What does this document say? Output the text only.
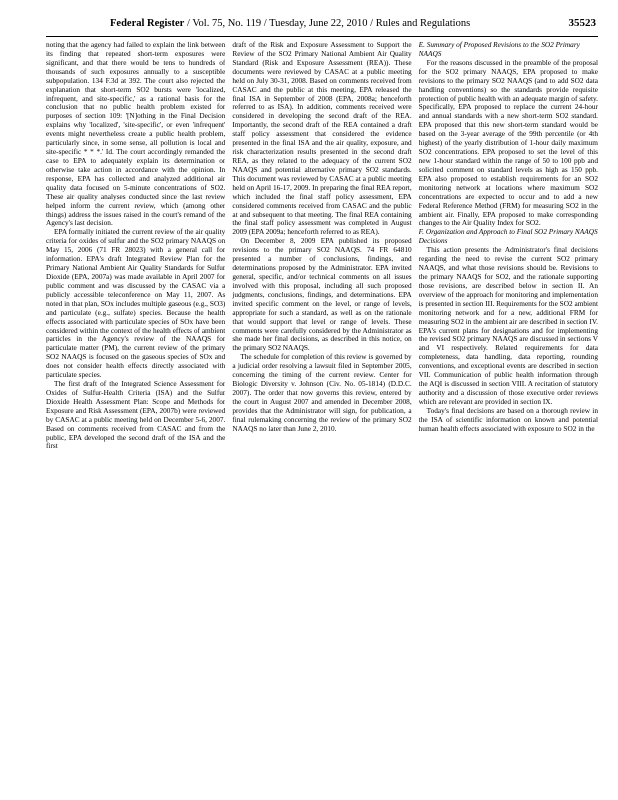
Federal Register / Vol. 75, No. 119 / Tuesday, June 22, 2010 / Rules and Regulations	35523

noting that the agency had failed to explain the link between its finding that repeated short-term exposures were significant, and that there would be tens to hundreds of thousands of such exposures annually to a susceptible subpopulation. 134 F.3d at 392. The court also rejected the explanation that short-term SO2 bursts were 'localized, infrequent, and site-specific,' as a rational basis for the conclusion that no public health problem existed for purposes of section 109: '[N]othing in the Final Decision explains why 'localized', 'site-specific', or even 'infrequent' events might nevertheless create a public health problem, particularly since, in some sense, all pollution is local and site-specific * * *.' Id. The court accordingly remanded the case to EPA to adequately explain its determination or otherwise take action in accordance with the opinion. In response, EPA has collected and analyzed additional air quality data focused on 5-minute concentrations of SO2. These air quality analyses conducted since the last review helped inform the current review, which (among other things) address the issues raised in the court's remand of the Agency's last decision.

EPA formally initiated the current review of the air quality criteria for oxides of sulfur and the SO2 primary NAAQS on May 15, 2006 (71 FR 28023) with a general call for information. EPA's draft Integrated Review Plan for the Primary National Ambient Air Quality Standards for Sulfur Dioxide (EPA, 2007a) was made available in April 2007 for public comment and was discussed by the CASAC via a publicly accessible teleconference on May 11, 2007. As noted in that plan, SOx includes multiple gaseous (e.g., SO3) and particulate (e.g., sulfate) species. Because the health effects associated with particulate species of SOx have been considered within the context of the health effects of ambient particles in the Agency's review of the NAAQS for particulate matter (PM), the current review of the primary SO2 NAAQS is focused on the gaseous species of SOx and does not consider health effects directly associated with particulate species.

The first draft of the Integrated Science Assessment for Oxides of Sulfur-Health Criteria (ISA) and the Sulfur Dioxide Health Assessment Plan: Scope and Methods for Exposure and Risk Assessment (EPA, 2007b) were reviewed by CASAC at a public meeting held on December 5-6, 2007. Based on comments received from CASAC and from the public, EPA developed the second draft of the ISA and the first

draft of the Risk and Exposure Assessment to Support the Review of the SO2 Primary National Ambient Air Quality Standard (Risk and Exposure Assessment (REA)). These documents were reviewed by CASAC at a public meeting held on July 30-31, 2008. Based on comments received from CASAC and the public at this meeting, EPA released the final ISA in September of 2008 (EPA, 2008a; henceforth referred to as ISA). In addition, comments received were considered in developing the second draft of the REA. Importantly, the second draft of the REA contained a draft staff policy assessment that considered the evidence presented in the final ISA and the air quality, exposure, and risk characterization results presented in the second draft REA, as they related to the adequacy of the current SO2 NAAQS and potential alternative primary SO2 standards. This document was reviewed by CASAC at a public meeting held on April 16-17, 2009. In preparing the final REA report, which included the final staff policy assessment, EPA considered comments received from CASAC and the public at and subsequent to that meeting. The final REA containing the final staff policy assessment was completed in August 2009 (EPA 2009a; henceforth referred to as REA).

On December 8, 2009 EPA published its proposed revisions to the primary SO2 NAAQS. 74 FR 64810 presented a number of conclusions, findings, and determinations proposed by the Administrator. EPA invited general, specific, and/or technical comments on all issues involved with this proposal, including all such proposed judgments, conclusions, findings, and determinations. EPA invited specific comment on the level, or range of levels, appropriate for such a standard, as well as on the rationale that would support that level or range of levels. These comments were carefully considered by the Administrator as she made her final decisions, as described in this notice, on the primary SO2 NAAQS.

The schedule for completion of this review is governed by a judicial order resolving a lawsuit filed in September 2005, concerning the timing of the current review. Center for Biologic Diversity v. Johnson (Civ. No. 05-1814) (D.D.C. 2007). The order that now governs this review, entered by the court in August 2007 and amended in December 2008, provides that the Administrator will sign, for publication, a final rulemaking concerning the review of the primary SO2 NAAQS no later than June 2, 2010.

E. Summary of Proposed Revisions to the SO2 Primary NAAQS

For the reasons discussed in the preamble of the proposal for the SO2 primary NAAQS, EPA proposed to make revisions to the primary SO2 NAAQS (and to add SO2 data handling conventions) so the standards provide requisite protection of public health with an adequate margin of safety. Specifically, EPA proposed to replace the current 24-hour and annual standards with a new short-term SO2 standard. EPA proposed that this new short-term standard would be based on the 3-year average of the 99th percentile (or 4th highest) of the yearly distribution of 1-hour daily maximum SO2 concentrations. EPA proposed to set the level of this new 1-hour standard within the range of 50 to 100 ppb and solicited comment on standard levels as high as 150 ppb. EPA also proposed to establish requirements for an SO2 monitoring network at locations where maximum SO2 concentrations are expected to occur and to add a new Federal Reference Method (FRM) for measuring SO2 in the ambient air. Finally, EPA proposed to make corresponding changes to the Air Quality Index for SO2.

F. Organization and Approach to Final SO2 Primary NAAQS Decisions

This action presents the Administrator's final decisions regarding the need to revise the current SO2 primary NAAQS, and what those revisions should be. Revisions to the primary NAAQS for SO2, and the rationale supporting those revisions, are described below in section II. An overview of the approach for monitoring and implementation is presented in section III. Requirements for the SO2 ambient monitoring network and for a new, additional FRM for measuring SO2 in the ambient air are described in section IV. EPA's current plans for designations and for implementing the revised SO2 primary NAAQS are discussed in sections V and VI respectively. Related requirements for data completeness, data handling, data reporting, rounding conventions, and exceptional events are described in section VII. Communication of public health information through the AQI is discussed in section VIII. A recitation of statutory authority and a discussion of those executive order reviews which are relevant are provided in section IX.

Today's final decisions are based on a thorough review in the ISA of scientific information on known and potential human health effects associated with exposure to SO2 in the
